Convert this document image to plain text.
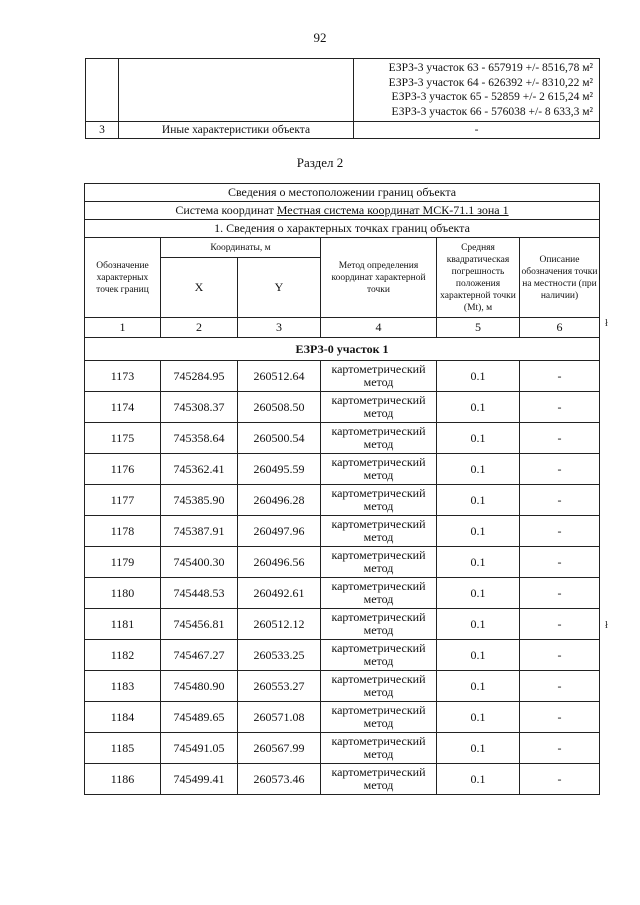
92

		ЕЗРЗ-3 участок 63 - 657919 +/- 8516,78 м²
ЕЗРЗ-3 участок 64 - 626392 +/- 8310,22 м²
ЕЗРЗ-3 участок 65 - 52859 +/- 2 615,24 м²
ЕЗРЗ-3 участок 66 - 576038 +/- 8 633,3 м²

3	Иные характеристики объекта	-
Раздел 2
Сведения о местоположении границ объекта					
Система координат Местная система координат МСК-71.1 зона 1					
1. Сведения о характерных точках границ объекта					
Обозначение характерных точек границ	Координаты, м		Метод определения координат характерной точки	Средняя квадратическая погрешность положения характерной точки (Mt), м	Описание обозначения точки на местности (при наличии)
	X	Y			
1	2	3	4	5	6
ЕЗРЗ-0 участок 1					
1173	745284.95	260512.64	картометрический метод	0.1	-
1174	745308.37	260508.50	картометрический метод	0.1	-
1175	745358.64	260500.54	картометрический метод	0.1	-
1176	745362.41	260495.59	картометрический метод	0.1	-
1177	745385.90	260496.28	картометрический метод	0.1	-
1178	745387.91	260497.96	картометрический метод	0.1	-
1179	745400.30	260496.56	картометрический метод	0.1	-
1180	745448.53	260492.61	картометрический метод	0.1	-
1181	745456.81	260512.12	картометрический метод	0.1	-
1182	745467.27	260533.25	картометрический метод	0.1	-
1183	745480.90	260553.27	картометрический метод	0.1	-
1184	745489.65	260571.08	картометрический метод	0.1	-
1185	745491.05	260567.99	картометрический метод	0.1	-
1186	745499.41	260573.46	картометрический метод	0.1	-
ł
ł
